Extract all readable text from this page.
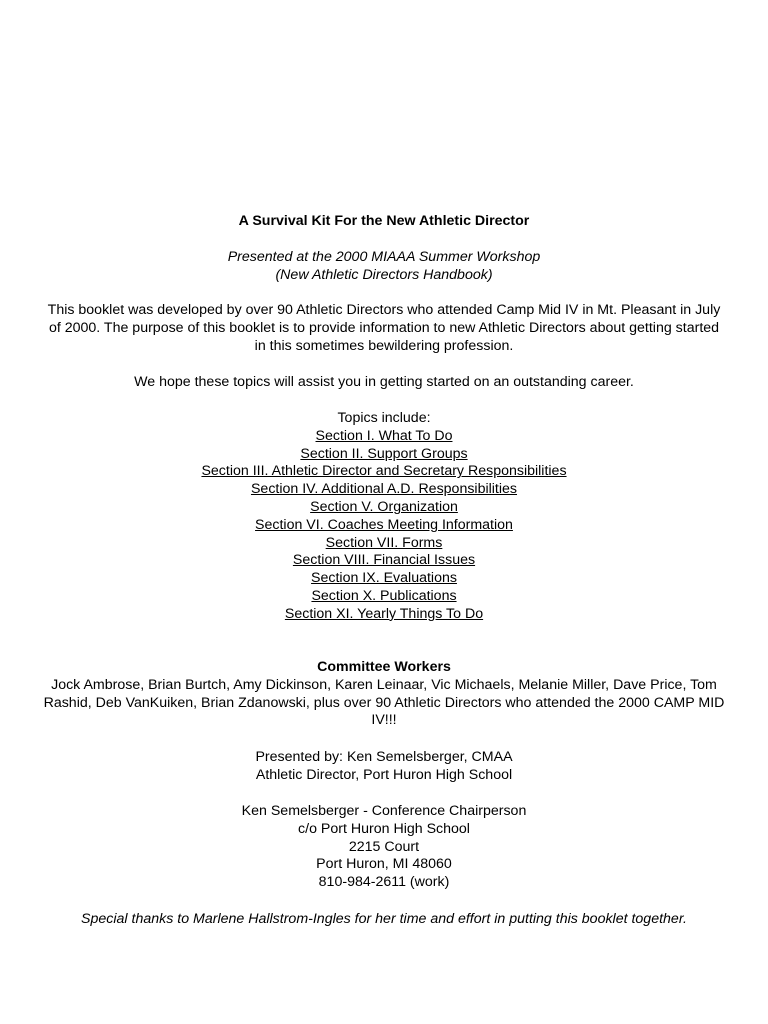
A Survival Kit For the New Athletic Director
Presented at the 2000 MIAAA Summer Workshop
(New Athletic Directors Handbook)
This booklet was developed by over 90 Athletic Directors who attended Camp Mid IV in Mt. Pleasant in July
of 2000. The purpose of this booklet is to provide information to new Athletic Directors about getting started
in this sometimes bewildering profession.
We hope these topics will assist you in getting started on an outstanding career.
Topics include:
Section I. What To Do
Section II. Support Groups
Section III. Athletic Director and Secretary Responsibilities
Section IV. Additional A.D. Responsibilities
Section V. Organization
Section VI. Coaches Meeting Information
Section VII. Forms
Section VIII. Financial Issues
Section IX. Evaluations
Section X. Publications
Section XI. Yearly Things To Do
Committee Workers
Jock Ambrose, Brian Burtch, Amy Dickinson, Karen Leinaar, Vic Michaels, Melanie Miller, Dave Price, Tom
Rashid, Deb VanKuiken, Brian Zdanowski, plus over 90 Athletic Directors who attended the 2000 CAMP MID
IV!!!
Presented by: Ken Semelsberger, CMAA
Athletic Director, Port Huron High School
Ken Semelsberger - Conference Chairperson
c/o Port Huron High School
2215 Court
Port Huron, MI 48060
810-984-2611 (work)
Special thanks to Marlene Hallstrom-Ingles for her time and effort in putting this booklet together.
